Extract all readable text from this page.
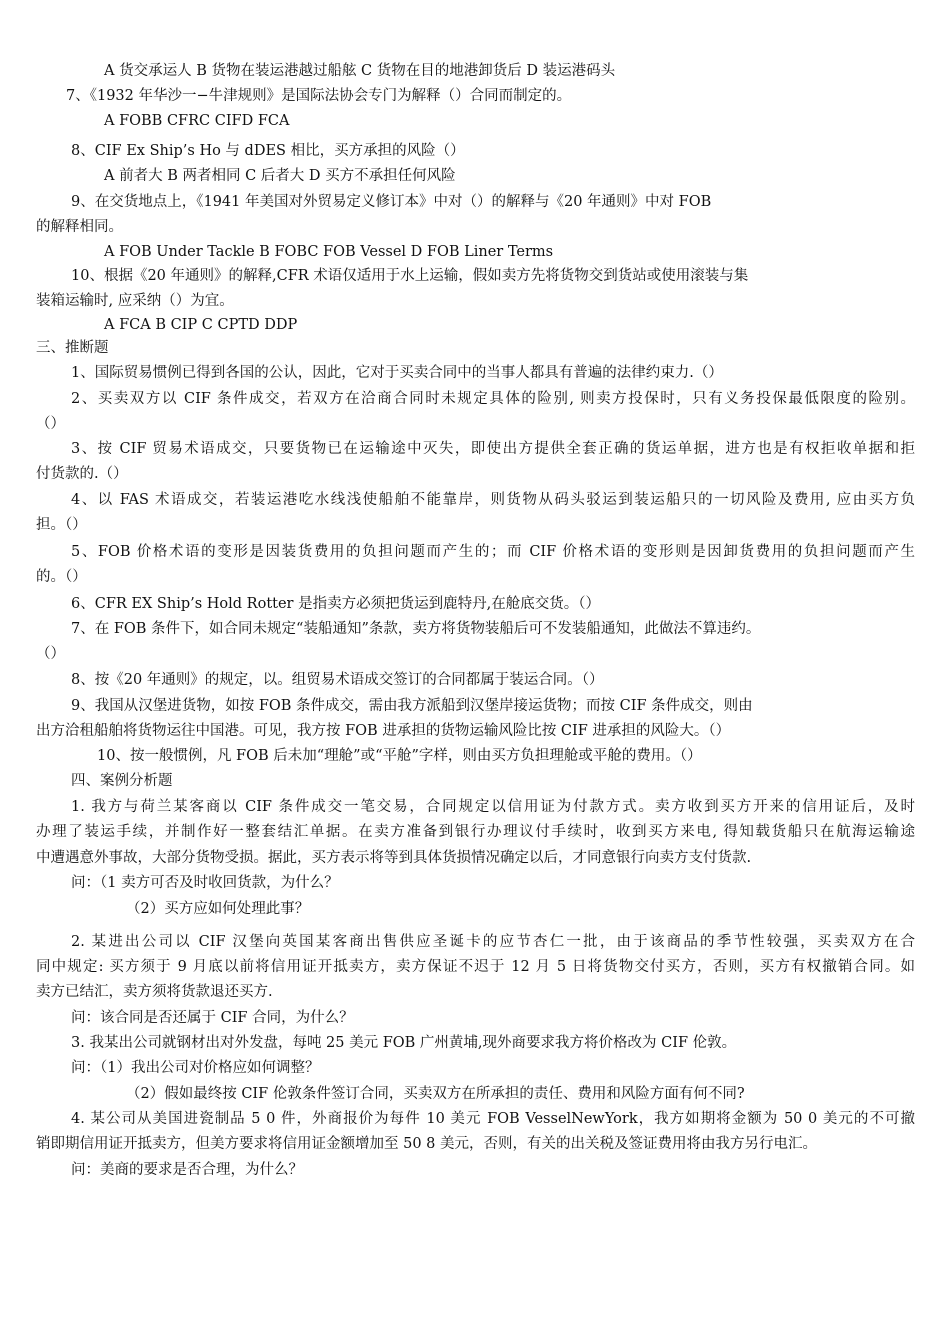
A 货交承运人 B 货物在装运港越过船舷 C 货物在目的地港卸货后 D 装运港码头
7、《1932 年华沙一−牛津规则》是国际法协会专门为解释（）合同而制定的。
A FOBB CFRC CIFD FCA
8、CIF Ex Ship’s Ho 与 dDES 相比，买方承担的风险（）
A 前者大 B 两者相同 C 后者大 D 买方不承担任何风险
9、在交货地点上，《1941 年美国对外贸易定义修订本》中对（）的解释与《20 年通则》中对 FOB
的解释相同。
A FOB Under Tackle B FOBC FOB Vessel D FOB Liner Terms
10、根据《20 年通则》的解释,CFR 术语仅适用于水上运输，假如卖方先将货物交到货站或使用滚装与集
装箱运输时, 应采纳（）为宜。
A FCA B CIP C CPTD DDP
三、推断题
1、国际贸易惯例已得到各国的公认，因此，它对于买卖合同中的当事人都具有普遍的法律约束力.（）
2、买卖双方以 CIF 条件成交，若双方在洽商合同时未规定具体的险别, 则卖方投保时，只有义务投保最低限度的险别。
（）
3、按 CIF 贸易术语成交，只要货物已在运输途中灭失，即使出方提供全套正确的货运单据，进方也是有权拒收单据和拒
付货款的.（）
4、以 FAS 术语成交，若装运港吃水线浅使船舶不能靠岸，则货物从码头驳运到装运船只的一切风险及费用, 应由买方负
担。（）
5、FOB 价格术语的变形是因装货费用的负担问题而产生的；而 CIF 价格术语的变形则是因卸货费用的负担问题而产生
的。（）
6、CFR EX Ship’s Hold Rotter 是指卖方必须把货运到鹿特丹,在舱底交货。（）
7、在 FOB 条件下，如合同未规定“装船通知”条款，卖方将货物装船后可不发装船通知，此做法不算违约。
（）
8、按《20 年通则》的规定，以。组贸易术语成交签订的合同都属于装运合同。（）
9、我国从汉堡进货物，如按 FOB 条件成交，需由我方派船到汉堡岸接运货物；而按 CIF 条件成交，则由
出方洽租船舶将货物运往中国港。可见，我方按 FOB 进承担的货物运输风险比按 CIF 进承担的风险大。（）
10、按一般惯例，凡 FOB 后未加“理舱”或“平舱”字样，则由买方负担理舱或平舱的费用。（）
四、案例分析题
1. 我方与荷兰某客商以 CIF 条件成交一笔交易，合同规定以信用证为付款方式。卖方收到买方开来的信用证后，及时
办理了装运手续，并制作好一整套结汇单据。在卖方准备到银行办理议付手续时，收到买方来电, 得知载货船只在航海运输途
中遭遇意外事故，大部分货物受损。据此，买方表示将等到具体货损情况确定以后，才同意银行向卖方支付货款.
问：（1 卖方可否及时收回货款，为什么？
（2）买方应如何处理此事？
2. 某进出公司以 CIF 汉堡向英国某客商出售供应圣诞卡的应节杏仁一批，由于该商品的季节性较强，买卖双方在合
同中规定: 买方须于 9 月底以前将信用证开抵卖方，卖方保证不迟于 12 月 5 日将货物交付买方，否则，买方有权撤销合同。如
卖方已结汇，卖方须将货款退还买方.
问：该合同是否还属于 CIF 合同，为什么？
3. 我某出公司就钢材出对外发盘，每吨 25 美元 FOB 广州黄埔,现外商要求我方将价格改为 CIF 伦敦。
问：（1）我出公司对价格应如何调整？
（2）假如最终按 CIF 伦敦条件签订合同，买卖双方在所承担的责任、费用和风险方面有何不同?
4. 某公司从美国进瓷制品 5 0 件，外商报价为每件 10 美元 FOB VesselNewYork，我方如期将金额为 50 0 美元的不可撤
销即期信用证开抵卖方，但美方要求将信用证金额增加至 50 8 美元，否则，有关的出关税及签证费用将由我方另行电汇。
问：美商的要求是否合理，为什么？
